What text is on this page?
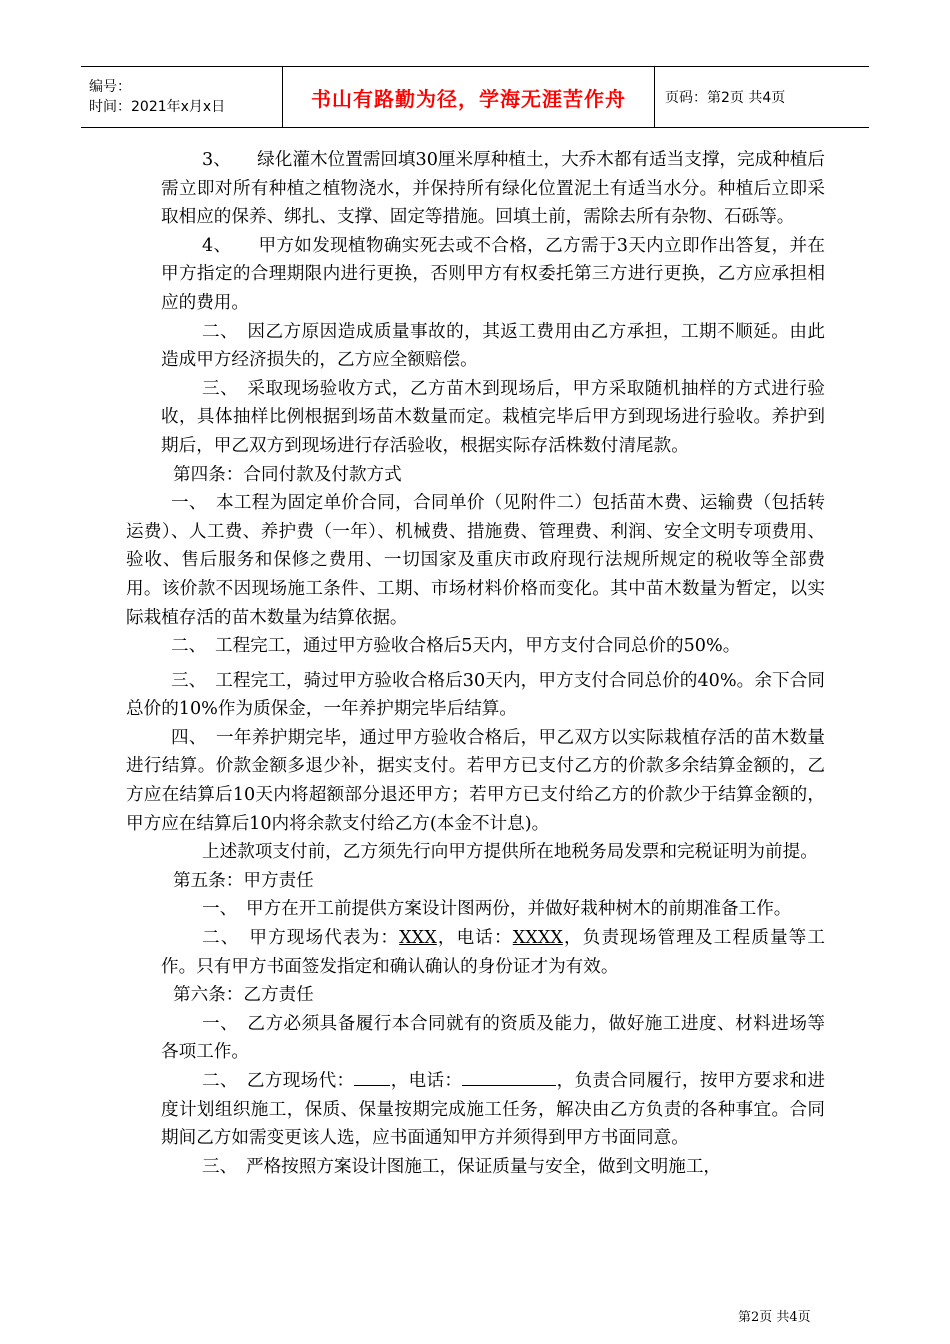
编号：
时间：2021年x月x日	书山有路勤为径，学海无涯苦作舟	页码：第2页 共4页

3、　　绿化灌木位置需回填30厘米厚种植土，大乔木都有适当支撑，完成种植后需立即对所有种植之植物浇水，并保持所有绿化位置泥土有适当水分。种植后立即采取相应的保养、绑扎、支撑、固定等措施。回填土前，需除去所有杂物、石砾等。

4、　　甲方如发现植物确实死去或不合格，乙方需于3天内立即作出答复，并在甲方指定的合理期限内进行更换，否则甲方有权委托第三方进行更换，乙方应承担相应的费用。

二、　因乙方原因造成质量事故的，其返工费用由乙方承担，工期不顺延。由此造成甲方经济损失的，乙方应全额赔偿。

三、　采取现场验收方式，乙方苗木到现场后，甲方采取随机抽样的方式进行验收，具体抽样比例根据到场苗木数量而定。栽植完毕后甲方到现场进行验收。养护到期后，甲乙双方到现场进行存活验收，根据实际存活株数付清尾款。

第四条：合同付款及付款方式

一、　本工程为固定单价合同，合同单价（见附件二）包括苗木费、运输费（包括转运费）、人工费、养护费（一年）、机械费、措施费、管理费、利润、安全文明专项费用、验收、售后服务和保修之费用、一切国家及重庆市政府现行法规所规定的税收等全部费用。该价款不因现场施工条件、工期、市场材料价格而变化。其中苗木数量为暂定，以实际栽植存活的苗木数量为结算依据。

二、　工程完工，通过甲方验收合格后5天内，甲方支付合同总价的50%。

三、　工程完工，骑过甲方验收合格后30天内，甲方支付合同总价的40%。余下合同总价的10%作为质保金，一年养护期完毕后结算。

四、　一年养护期完毕，通过甲方验收合格后，甲乙双方以实际栽植存活的苗木数量进行结算。价款金额多退少补，据实支付。若甲方已支付乙方的价款多余结算金额的，乙方应在结算后10天内将超额部分退还甲方；若甲方已支付给乙方的价款少于结算金额的，甲方应在结算后10内将余款支付给乙方(本金不计息)。

上述款项支付前，乙方须先行向甲方提供所在地税务局发票和完税证明为前提。

第五条：甲方责任

一、　甲方在开工前提供方案设计图两份，并做好栽种树木的前期准备工作。

二、　甲方现场代表为：XXX，电话：XXXX，负责现场管理及工程质量等工作。只有甲方书面签发指定和确认确认的身份证才为有效。

第六条：乙方责任

一、　乙方必须具备履行本合同就有的资质及能力，做好施工进度、材料进场等各项工作。

二、　乙方现场代： ，电话：	，负责合同履行，按甲方要求和进度计划组织施工，保质、保量按期完成施工任务，解决由乙方负责的各种事宜。合同期间乙方如需变更该人选，应书面通知甲方并须得到甲方书面同意。

三、　严格按照方案设计图施工，保证质量与安全，做到文明施工，

第2页 共4页
